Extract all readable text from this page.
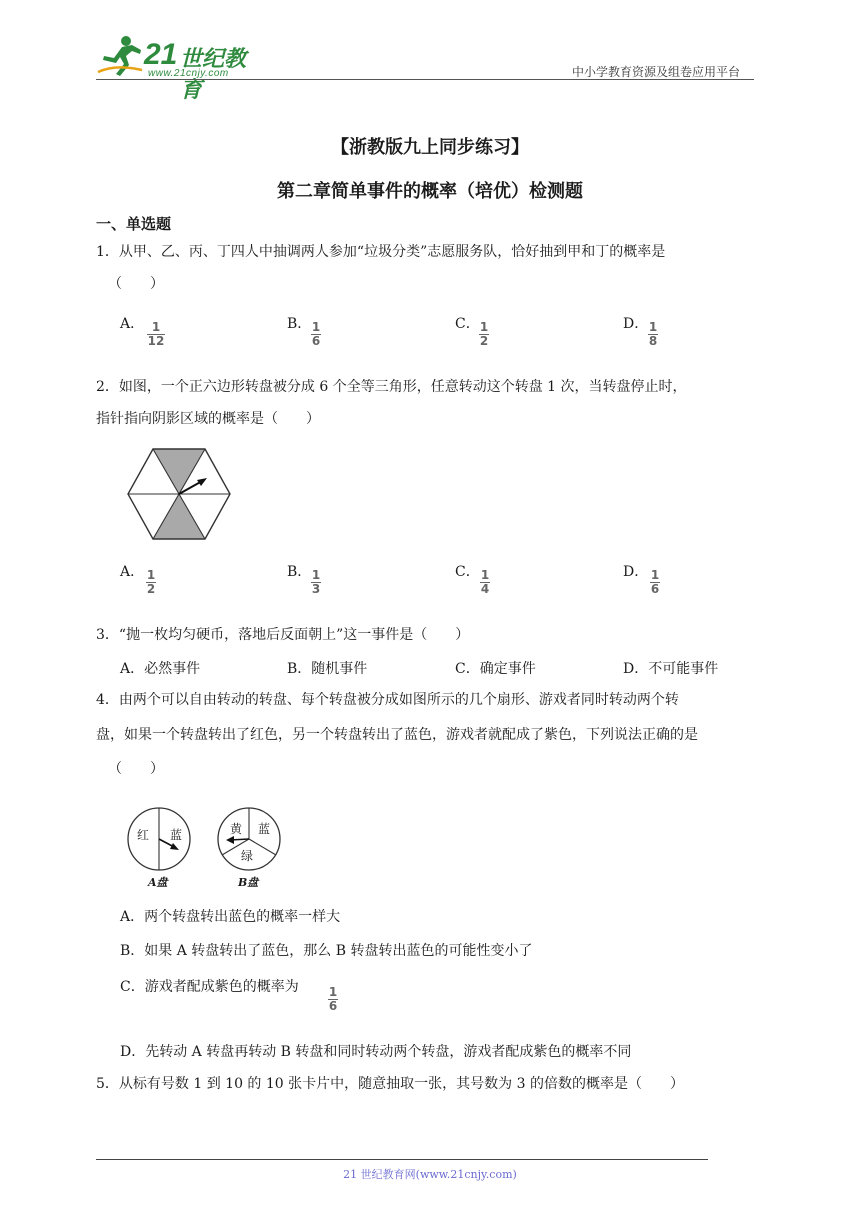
21 世纪教育
www.21cnjy.com	中小学教育资源及组卷应用平台
【浙教版九上同步练习】
第二章简单事件的概率（培优）检测题
一、单选题
1．从甲、乙、丙、丁四人中抽调两人参加“垃圾分类”志愿服务队，恰好抽到甲和丁的概率是
（　　）
A． 1
12
B． 1
6
C． 1
2
D． 1
8
2．如图，一个正六边形转盘被分成 6 个全等三角形，任意转动这个转盘 1 次，当转盘停止时，
指针指向阴影区域的概率是（　　）
A． 1
2
B． 1
3
C． 1
4
D． 1
6
3．“抛一枚均匀硬币，落地后反面朝上”这一事件是（　　）
A．必然事件	B．随机事件	C．确定事件	D．不可能事件
4．由两个可以自由转动的转盘、每个转盘被分成如图所示的几个扇形、游戏者同时转动两个转
盘，如果一个转盘转出了红色，另一个转盘转出了蓝色，游戏者就配成了紫色，下列说法正确的是
（　　）
红 蓝
A盘
黄 蓝
绿
B盘
A．两个转盘转出蓝色的概率一样大
B．如果 A 转盘转出了蓝色，那么 B 转盘转出蓝色的可能性变小了
C．游戏者配成紫色的概率为	1
6
D．先转动 A 转盘再转动 B 转盘和同时转动两个转盘，游戏者配成紫色的概率不同
5．从标有号数 1 到 10 的 10 张卡片中，随意抽取一张，其号数为 3 的倍数的概率是（　　）
21 世纪教育网(www.21cnjy.com)
